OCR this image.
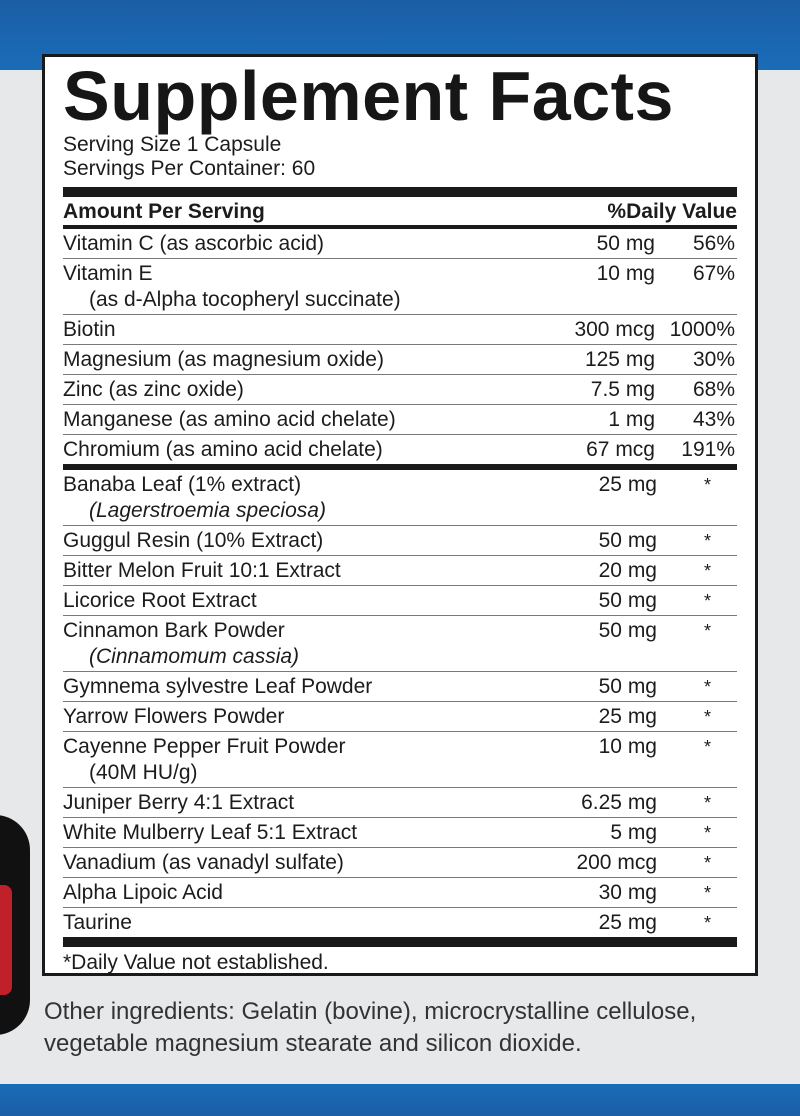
Supplement Facts
Serving Size 1 Capsule
Servings Per Container: 60
Amount Per Serving	%Daily Value
Vitamin C (as ascorbic acid)	50 mg	56%
Vitamin E
(as d-Alpha tocopheryl succinate)
10 mg	67%
Biotin	300 mcg 1000%
Magnesium (as magnesium oxide)	125 mg	30%
Zinc (as zinc oxide)	7.5 mg	68%
Manganese (as amino acid chelate)	1 mg	43%
Chromium (as amino acid chelate)	67 mcg	191%
Banaba Leaf (1% extract)
(Lagerstroemia speciosa)
25 mg	*
Guggul Resin (10% Extract)	50 mg	*
Bitter Melon Fruit 10:1 Extract	20 mg	*
Licorice Root Extract	50 mg	*
Cinnamon Bark Powder
(Cinnamomum cassia)
50 mg	*
Gymnema sylvestre Leaf Powder	50 mg	*
Yarrow Flowers Powder	25 mg	*
Cayenne Pepper Fruit Powder
(40M HU/g)
10 mg	*
Juniper Berry 4:1 Extract	6.25 mg	*
White Mulberry Leaf 5:1 Extract	5 mg	*
Vanadium (as vanadyl sulfate)	200 mcg	*
Alpha Lipoic Acid	30 mg	*
Taurine	25 mg	*
*Daily Value not established.
Other ingredients: Gelatin (bovine), microcrystalline cellulose, vegetable magnesium stearate and silicon dioxide.
